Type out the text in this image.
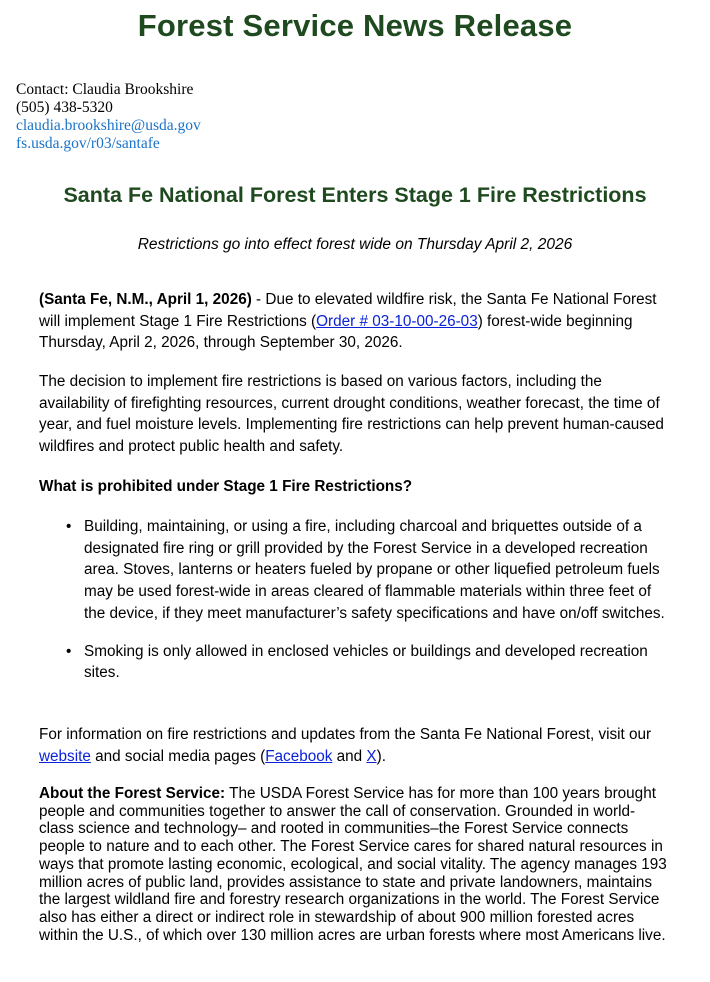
Forest Service News Release
Contact: Claudia Brookshire
(505) 438-5320
claudia.brookshire@usda.gov
fs.usda.gov/r03/santafe
Santa Fe National Forest Enters Stage 1 Fire Restrictions
Restrictions go into effect forest wide on Thursday April 2, 2026
(Santa Fe, N.M., April 1, 2026) - Due to elevated wildfire risk, the Santa Fe National Forest will implement Stage 1 Fire Restrictions (Order # 03-10-00-26-03) forest-wide beginning Thursday, April 2, 2026, through September 30, 2026.
The decision to implement fire restrictions is based on various factors, including the availability of firefighting resources, current drought conditions, weather forecast, the time of year, and fuel moisture levels. Implementing fire restrictions can help prevent human-caused wildfires and protect public health and safety.
What is prohibited under Stage 1 Fire Restrictions?
• Building, maintaining, or using a fire, including charcoal and briquettes outside of a designated fire ring or grill provided by the Forest Service in a developed recreation area. Stoves, lanterns or heaters fueled by propane or other liquefied petroleum fuels may be used forest-wide in areas cleared of flammable materials within three feet of the device, if they meet manufacturer’s safety specifications and have on/off switches.
• Smoking is only allowed in enclosed vehicles or buildings and developed recreation sites.
For information on fire restrictions and updates from the Santa Fe National Forest, visit our website and social media pages (Facebook and X).
About the Forest Service: The USDA Forest Service has for more than 100 years brought people and communities together to answer the call of conservation. Grounded in world-class science and technology– and rooted in communities–the Forest Service connects people to nature and to each other. The Forest Service cares for shared natural resources in ways that promote lasting economic, ecological, and social vitality. The agency manages 193 million acres of public land, provides assistance to state and private landowners, maintains the largest wildland fire and forestry research organizations in the world. The Forest Service also has either a direct or indirect role in stewardship of about 900 million forested acres within the U.S., of which over 130 million acres are urban forests where most Americans live.
